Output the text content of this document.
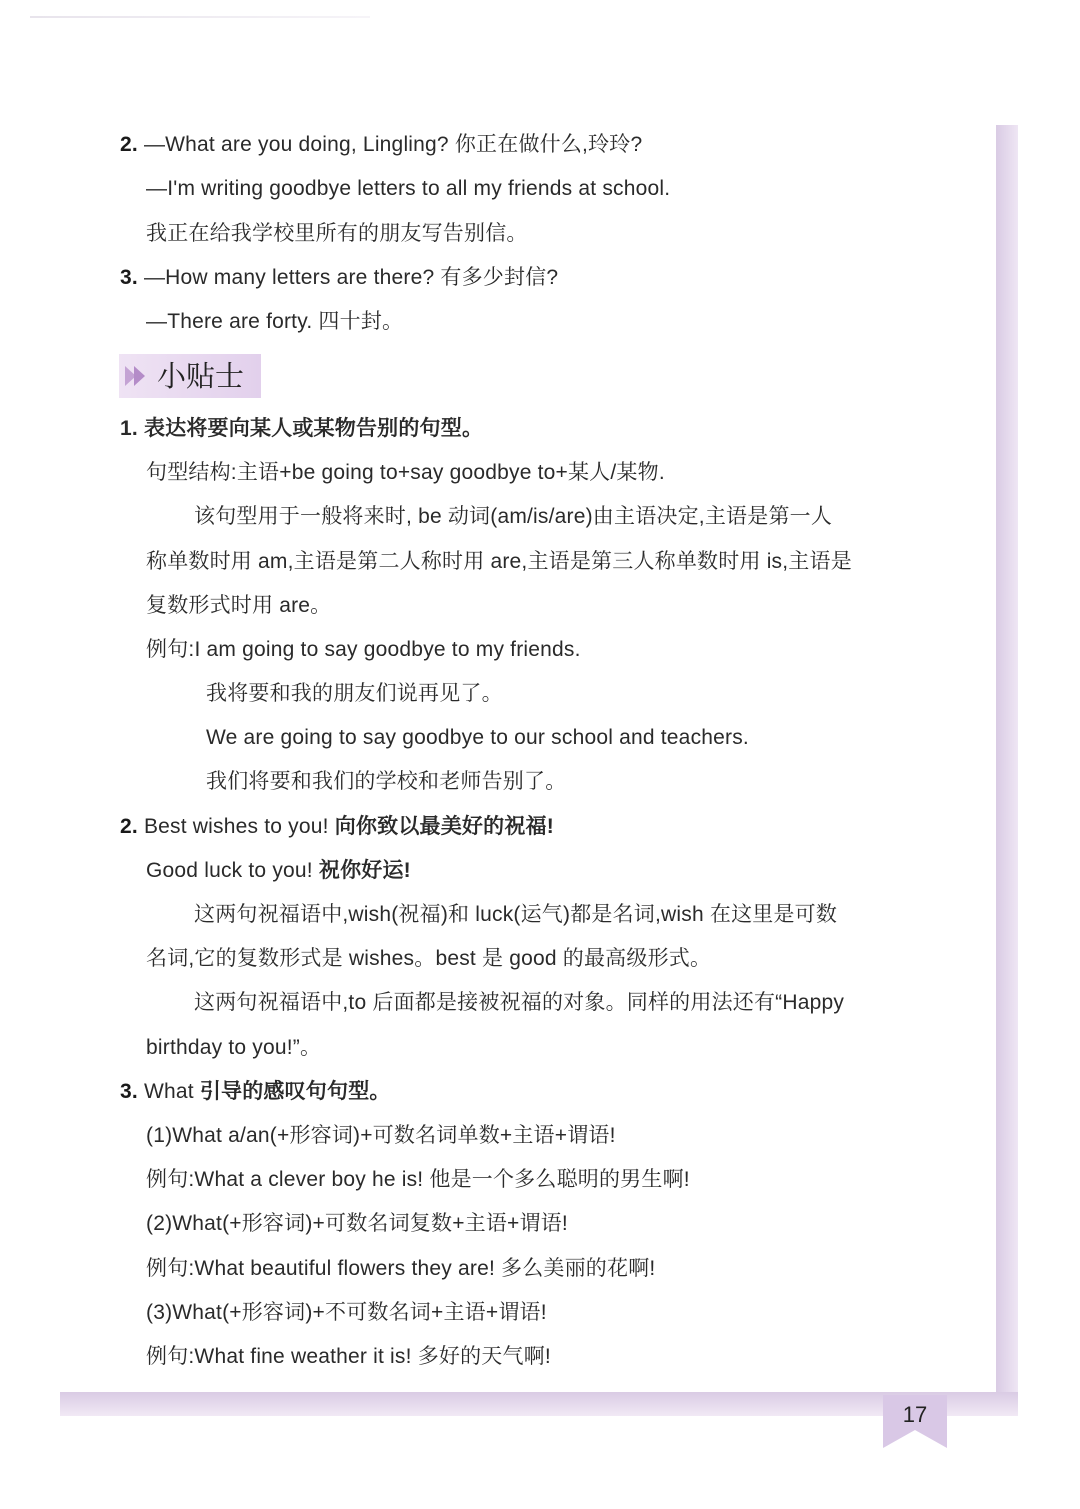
2. —What are you doing, Lingling? 你正在做什么,玲玲?
—I'm writing goodbye letters to all my friends at school.
我正在给我学校里所有的朋友写告别信。
3. —How many letters are there? 有多少封信?
—There are forty. 四十封。
小贴士
1. 表达将要向某人或某物告别的句型。
句型结构:主语+be going to+say goodbye to+某人/某物.
该句型用于一般将来时, be 动词(am/is/are)由主语决定,主语是第一人
称单数时用 am,主语是第二人称时用 are,主语是第三人称单数时用 is,主语是
复数形式时用 are。
例句:I am going to say goodbye to my friends.
我将要和我的朋友们说再见了。
We are going to say goodbye to our school and teachers.
我们将要和我们的学校和老师告别了。
2. Best wishes to you! 向你致以最美好的祝福!
Good luck to you! 祝你好运!
这两句祝福语中,wish(祝福)和 luck(运气)都是名词,wish 在这里是可数
名词,它的复数形式是 wishes。best 是 good 的最高级形式。
这两句祝福语中,to 后面都是接被祝福的对象。同样的用法还有“Happy
birthday to you!”。
3. What 引导的感叹句句型。
(1)What a/an(+形容词)+可数名词单数+主语+谓语!
例句:What a clever boy he is! 他是一个多么聪明的男生啊!
(2)What(+形容词)+可数名词复数+主语+谓语!
例句:What beautiful flowers they are! 多么美丽的花啊!
(3)What(+形容词)+不可数名词+主语+谓语!
例句:What fine weather it is! 多好的天气啊!
17
